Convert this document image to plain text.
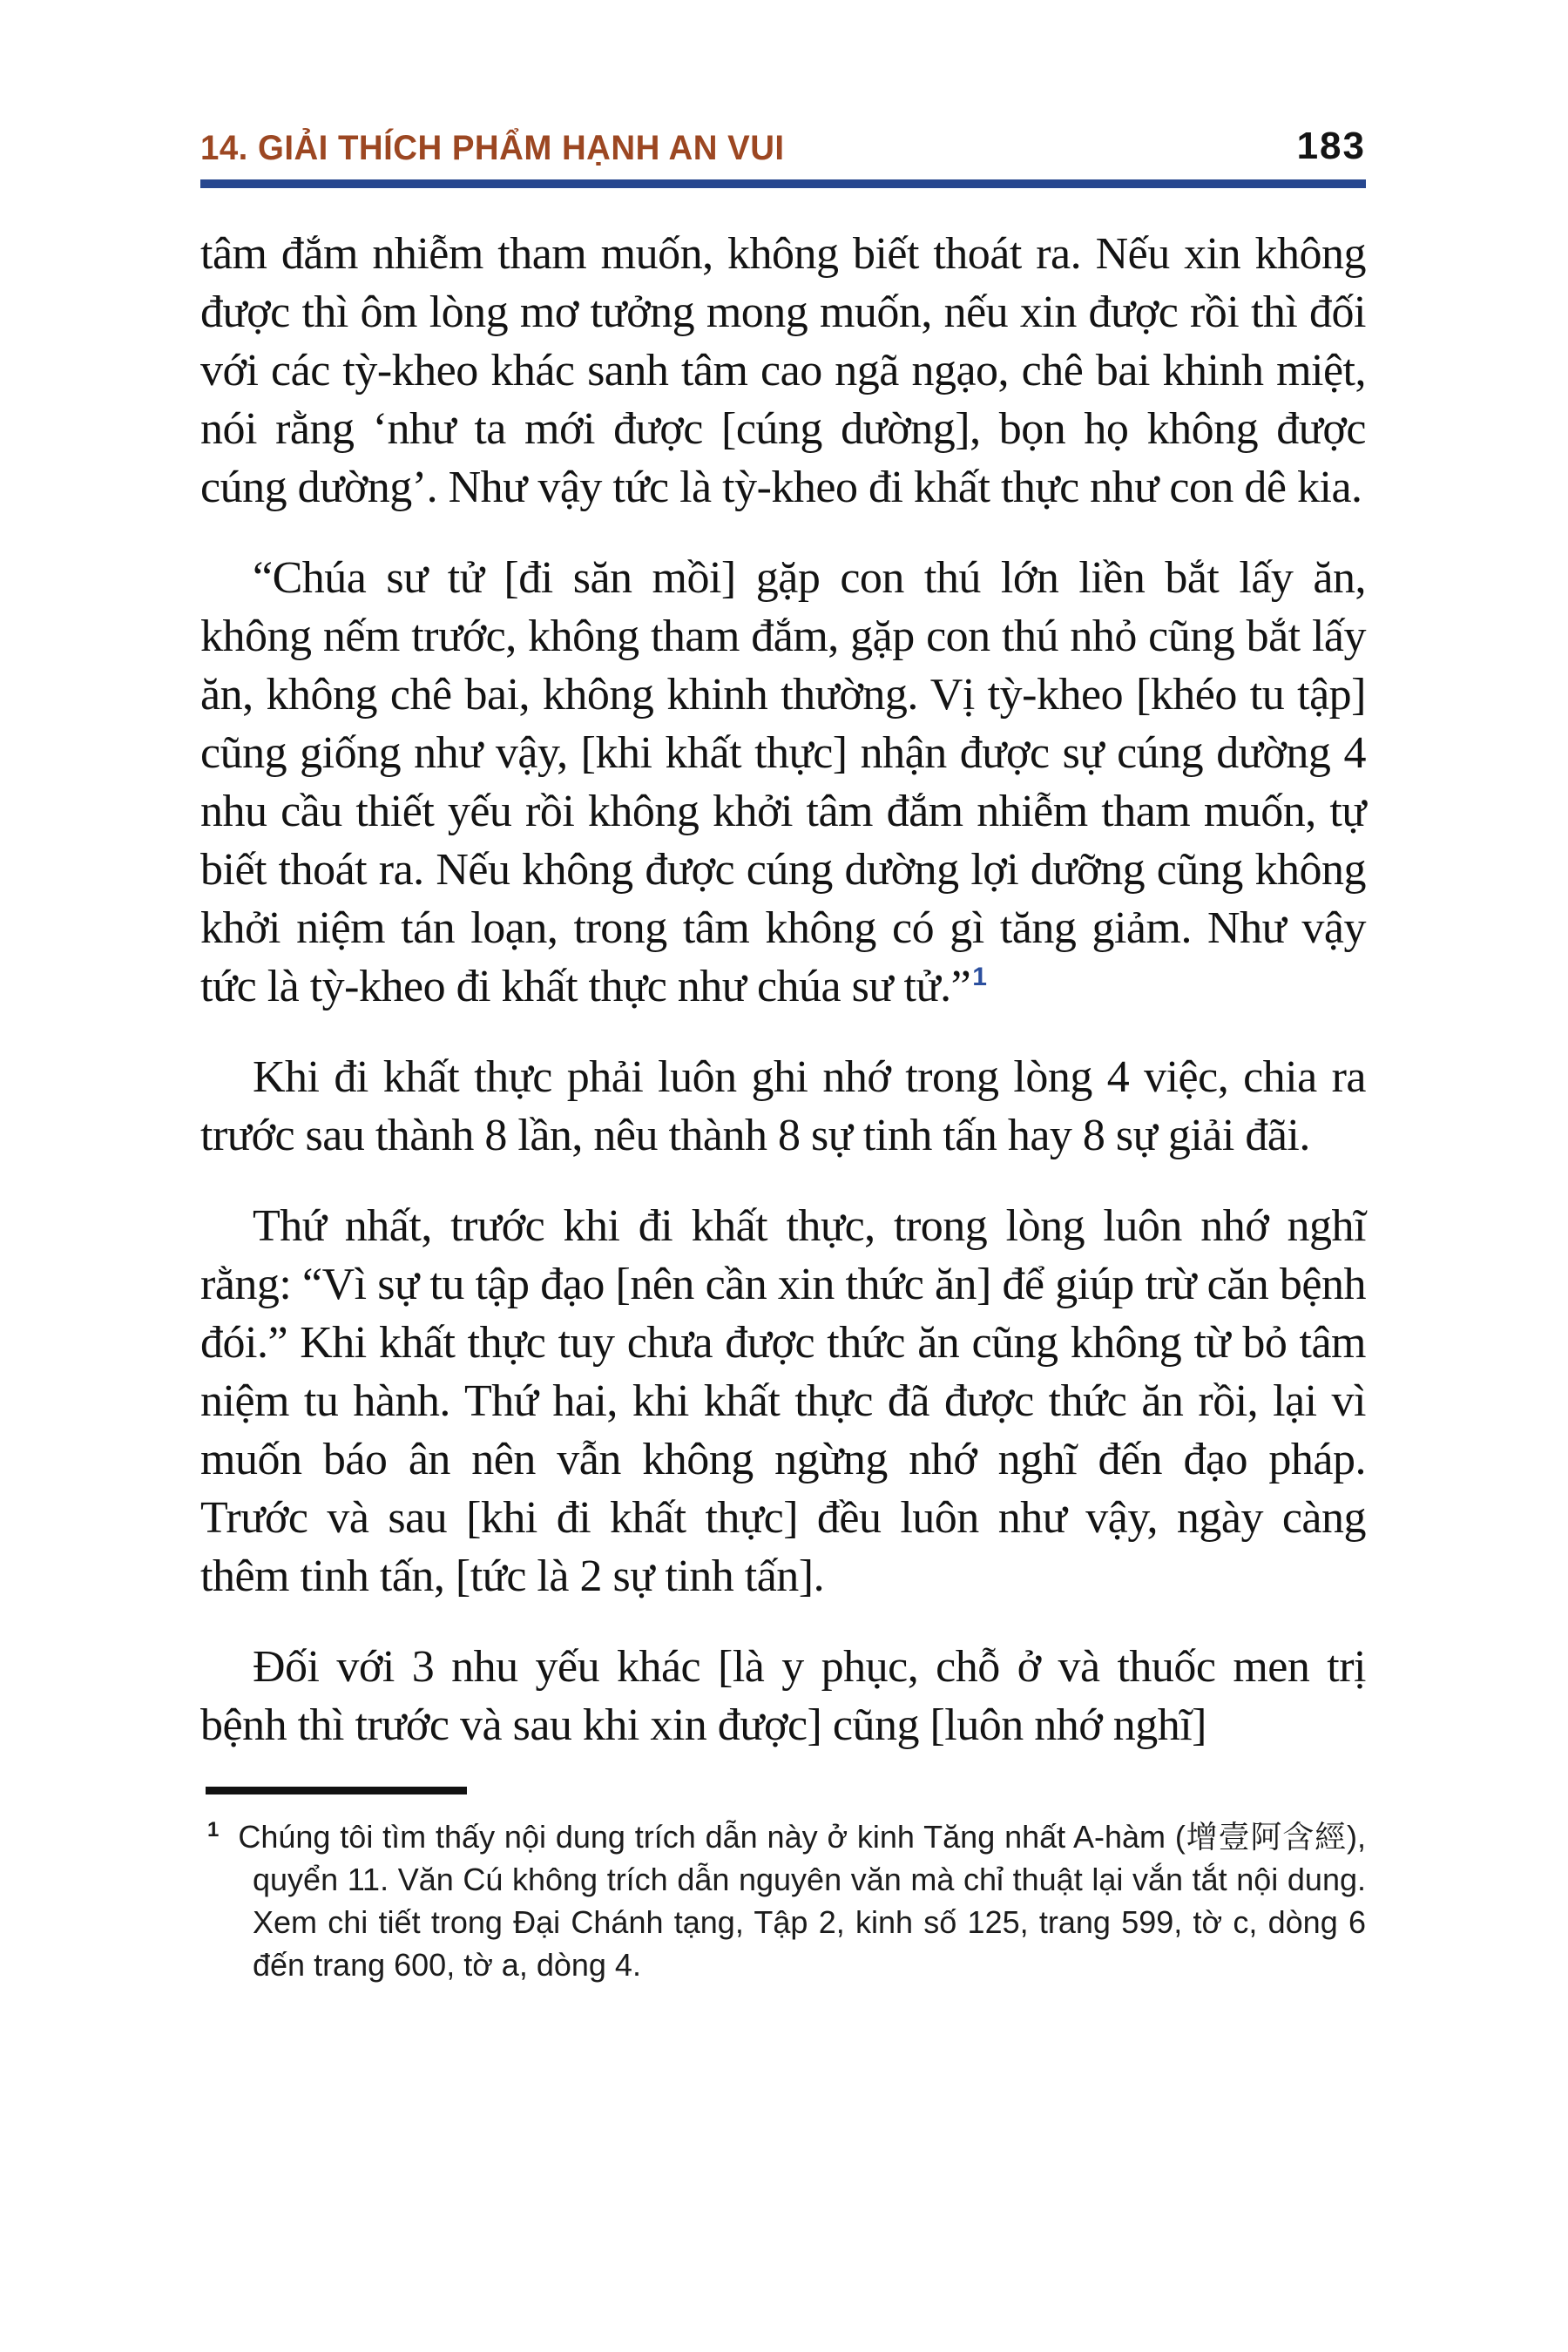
14. GIẢI THÍCH PHẨM HẠNH AN VUI	183

tâm đắm nhiễm tham muốn, không biết thoát ra. Nếu xin không được thì ôm lòng mơ tưởng mong muốn, nếu xin được rồi thì đối với các tỳ-kheo khác sanh tâm cao ngã ngạo, chê bai khinh miệt, nói rằng ‘như ta mới được [cúng dường], bọn họ không được cúng dường’. Như vậy tức là tỳ-kheo đi khất thực như con dê kia.

“Chúa sư tử [đi săn mồi] gặp con thú lớn liền bắt lấy ăn, không nếm trước, không tham đắm, gặp con thú nhỏ cũng bắt lấy ăn, không chê bai, không khinh thường. Vị tỳ-kheo [khéo tu tập] cũng giống như vậy, [khi khất thực] nhận được sự cúng dường 4 nhu cầu thiết yếu rồi không khởi tâm đắm nhiễm tham muốn, tự biết thoát ra. Nếu không được cúng dường lợi dưỡng cũng không khởi niệm tán loạn, trong tâm không có gì tăng giảm. Như vậy tức là tỳ-kheo đi khất thực như chúa sư tử.”$^1$

Khi đi khất thực phải luôn ghi nhớ trong lòng 4 việc, chia ra trước sau thành 8 lần, nêu thành 8 sự tinh tấn hay 8 sự giải đãi.

Thứ nhất, trước khi đi khất thực, trong lòng luôn nhớ nghĩ rằng: “Vì sự tu tập đạo [nên cần xin thức ăn] để giúp trừ căn bệnh đói.” Khi khất thực tuy chưa được thức ăn cũng không từ bỏ tâm niệm tu hành. Thứ hai, khi khất thực đã được thức ăn rồi, lại vì muốn báo ân nên vẫn không ngừng nhớ nghĩ đến đạo pháp. Trước và sau [khi đi khất thực] đều luôn như vậy, ngày càng thêm tinh tấn, [tức là 2 sự tinh tấn].

Đối với 3 nhu yếu khác [là y phục, chỗ ở và thuốc men trị bệnh thì trước và sau khi xin được] cũng [luôn nhớ nghĩ]

$^1$ Chúng tôi tìm thấy nội dung trích dẫn này ở kinh Tăng nhất A-hàm (增壹阿含經), quyển 11. Văn Cú không trích dẫn nguyên văn mà chỉ thuật lại vắn tắt nội dung. Xem chi tiết trong Đại Chánh tạng, Tập 2, kinh số 125, trang 599, tờ c, dòng 6 đến trang 600, tờ a, dòng 4.
